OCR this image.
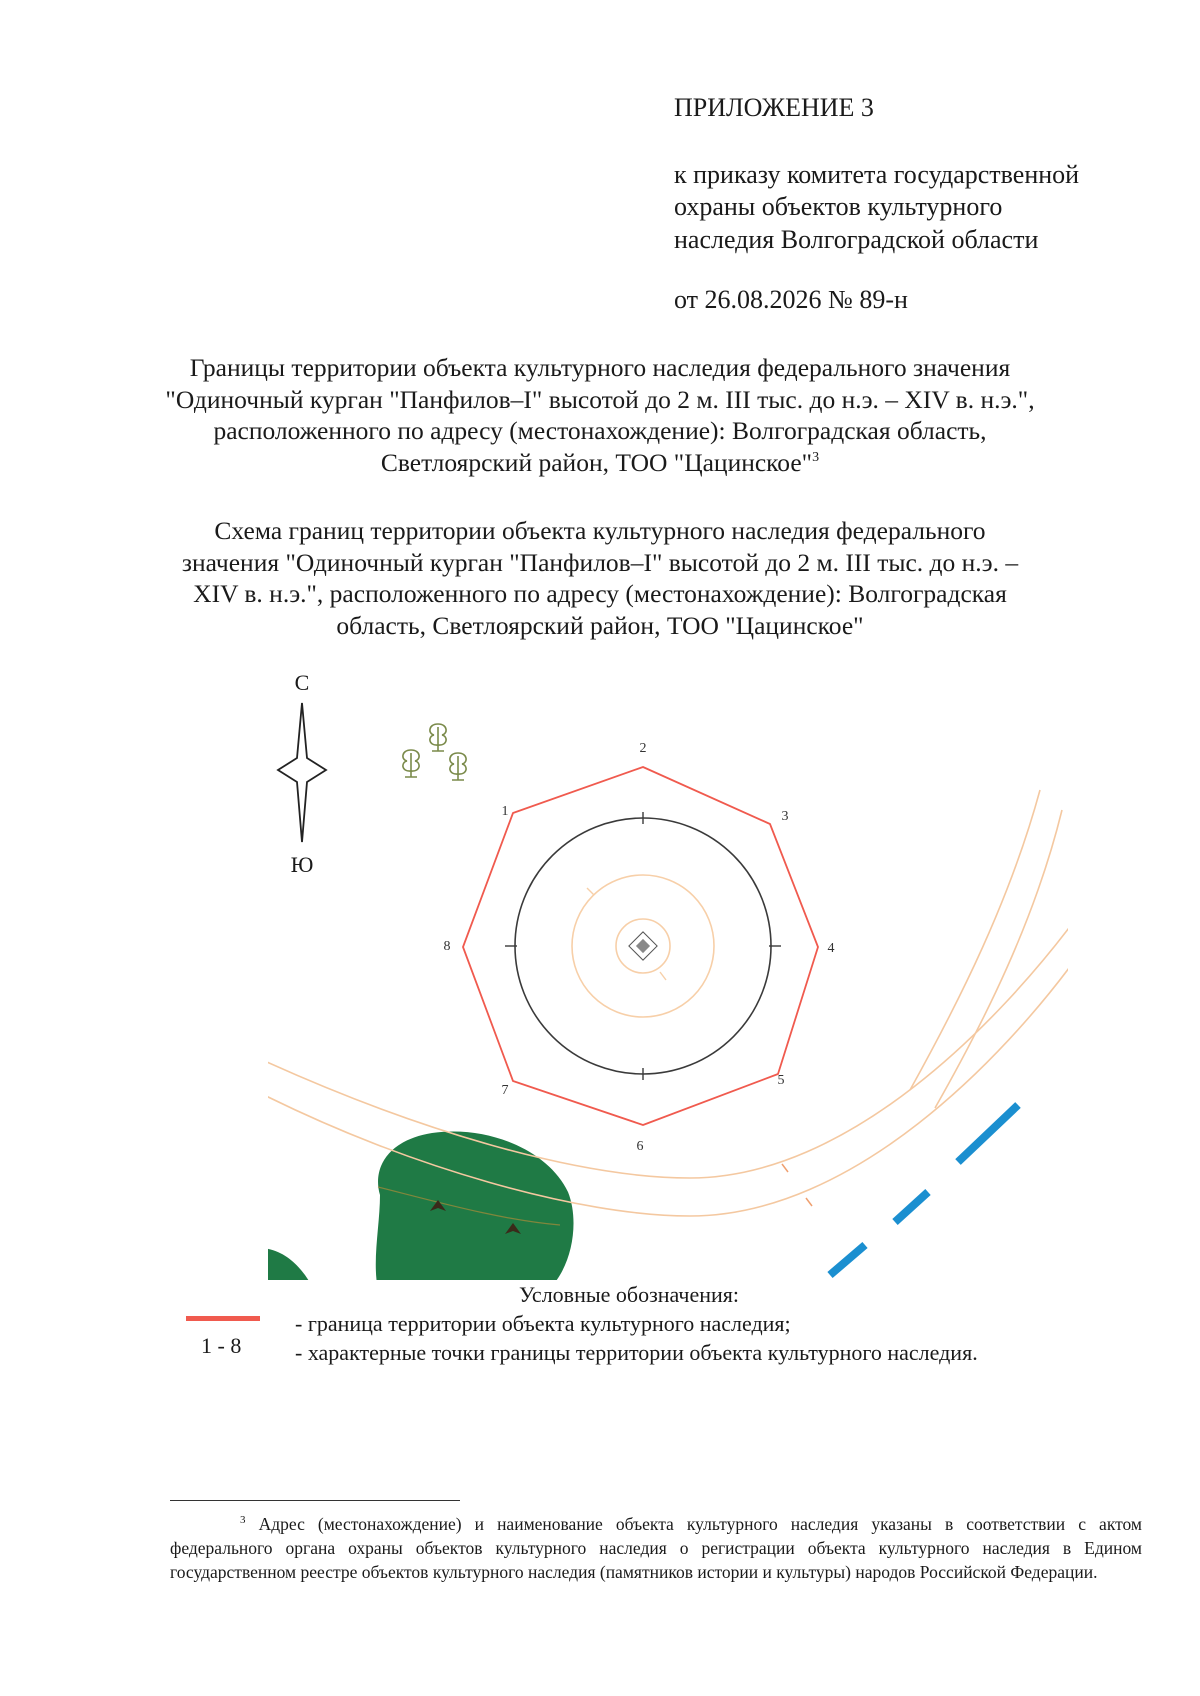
ПРИЛОЖЕНИЕ 3
к приказу комитета государственной
охраны объектов культурного
наследия Волгоградской области
от 26.08.2026 № 89-н
Границы территории объекта культурного наследия федерального значения
"Одиночный курган "Панфилов–I" высотой до 2 м. III тыс. до н.э. – XIV в. н.э.",
расположенного по адресу (местонахождение): Волгоградская область,
Светлоярский район, ТОО "Цацинское"$^3$
Схема границ территории объекта культурного наследия федерального
значения "Одиночный курган "Панфилов–I" высотой до 2 м. III тыс. до н.э. –
XIV в. н.э.", расположенного по адресу (местонахождение): Волгоградская
область, Светлоярский район, ТОО "Цацинское"
С
Ю
1
2
3
4
5
6
7
8
Условные обозначения:
- граница территории объекта культурного наследия;
1 - 8 - характерные точки границы территории объекта культурного наследия.

$^3$ Адрес (местонахождение) и наименование объекта культурного наследия указаны в соответствии с актом федерального органа охраны объектов культурного наследия о регистрации объекта культурного наследия в Едином государственном реестре объектов культурного наследия (памятников истории и культуры) народов Российской Федерации.
